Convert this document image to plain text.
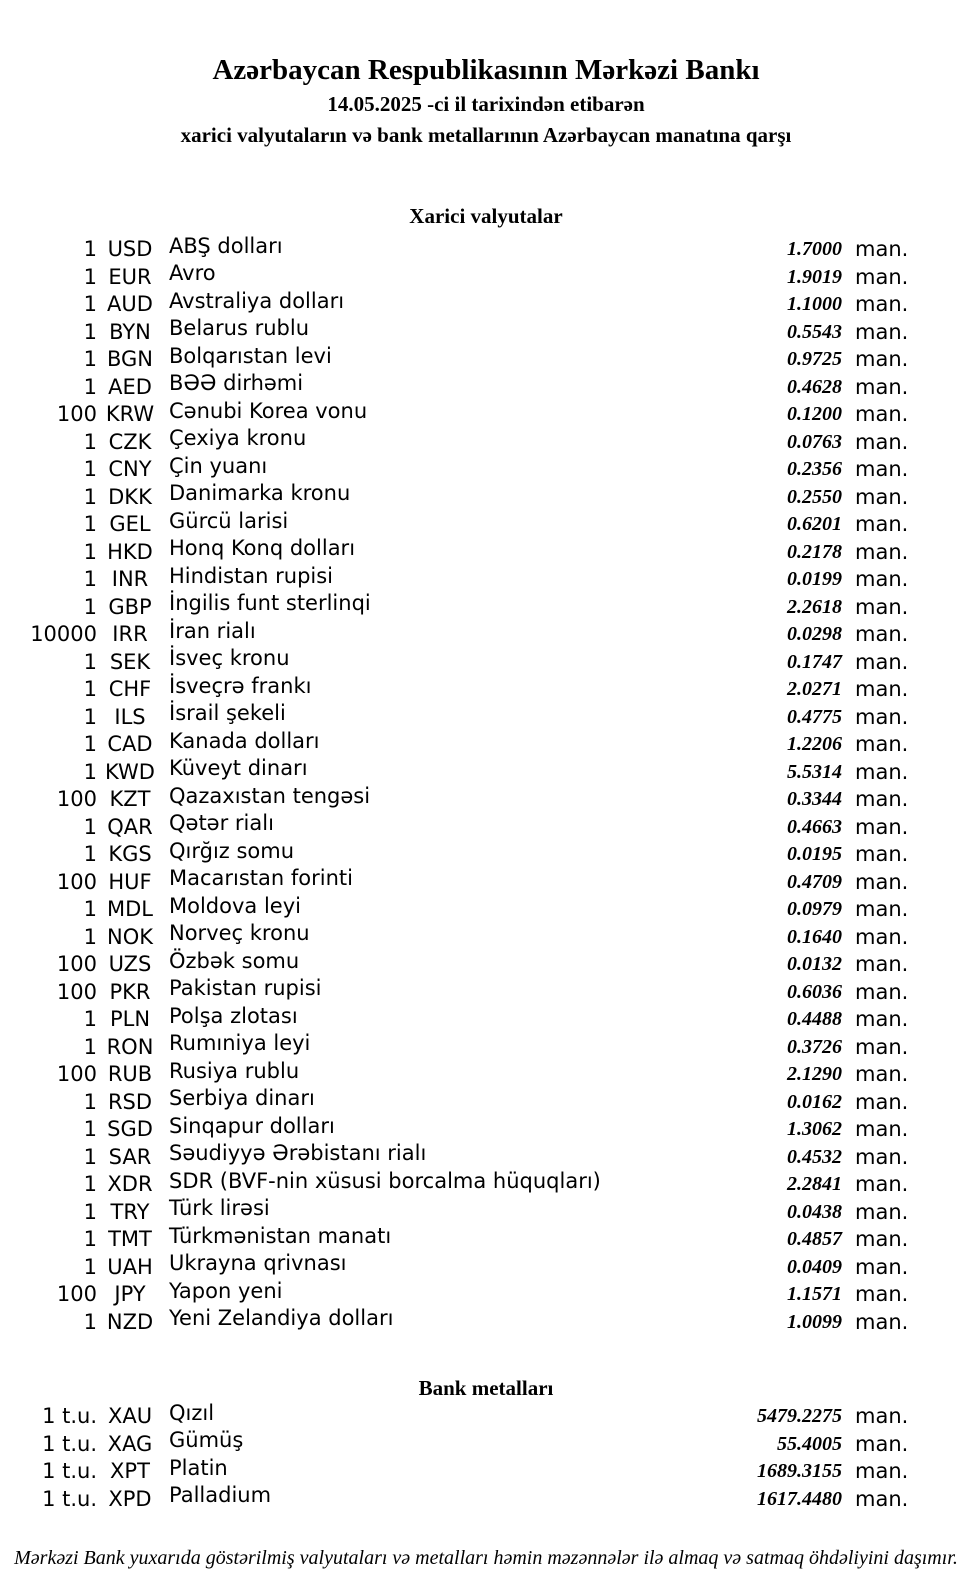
Azərbaycan Respublikasının Mərkəzi Bankı
14.05.2025 -ci il tarixindən etibarən
xarici valyutaların və bank metallarının Azərbaycan manatına qarşı
Xarici valyutalar
1 USD ABŞ dolları	1.7000 man.
1 EUR Avro	1.9019 man.
1 AUD Avstraliya dolları	1.1000 man.
1 BYN Belarus rublu	0.5543 man.
1 BGN Bolqarıstan levi	0.9725 man.
1 AED BƏƏ dirhəmi	0.4628 man.
100 KRW Cənubi Korea vonu	0.1200 man.
1 CZK Çexiya kronu	0.0763 man.
1 CNY Çin yuanı	0.2356 man.
1 DKK Danimarka kronu	0.2550 man.
1 GEL Gürcü larisi	0.6201 man.
1 HKD Honq Konq dolları	0.2178 man.
1 INR Hindistan rupisi	0.0199 man.
1 GBP İngilis funt sterlinqi	2.2618 man.
10000 IRR	İran rialı	0.0298 man.
1 SEK İsveç kronu	0.1747 man.
1 CHF İsveçrə frankı	2.0271 man.
1 ILS	İsrail şekeli	0.4775 man.
1 CAD Kanada dolları	1.2206 man.
1 KWD Küveyt dinarı	5.5314 man.
100 KZT Qazaxıstan tengəsi	0.3344 man.
1 QAR Qətər rialı	0.4663 man.
1 KGS Qırğız somu	0.0195 man.
100 HUF Macarıstan forinti	0.4709 man.
1 MDL Moldova leyi	0.0979 man.
1 NOK Norveç kronu	0.1640 man.
100 UZS Özbək somu	0.0132 man.
100 PKR Pakistan rupisi	0.6036 man.
1 PLN Polşa zlotası	0.4488 man.
1 RON Rumıniya leyi	0.3726 man.
100 RUB Rusiya rublu	2.1290 man.
1 RSD Serbiya dinarı	0.0162 man.
1 SGD Sinqapur dolları	1.3062 man.
1 SAR Səudiyyə Ərəbistanı rialı	0.4532 man.
1 XDR SDR (BVF-nin xüsusi borcalma hüquqları)	2.2841 man.
1 TRY Türk lirəsi	0.0438 man.
1 TMT Türkmənistan manatı	0.4857 man.
1 UAH Ukrayna qrivnası	0.0409 man.
100 JPY	Yapon yeni	1.1571 man.
1 NZD Yeni Zelandiya dolları	1.0099 man.
Bank metalları
1 t.u. XAU Qızıl	5479.2275 man.
1 t.u. XAG Gümüş	55.4005 man.
1 t.u. XPT Platin	1689.3155 man.
1 t.u. XPD Palladium	1617.4480 man.
Mərkəzi Bank yuxarıda göstərilmiş valyutaları və metalları həmin məzənnələr ilə almaq və satmaq öhdəliyini daşımır.
